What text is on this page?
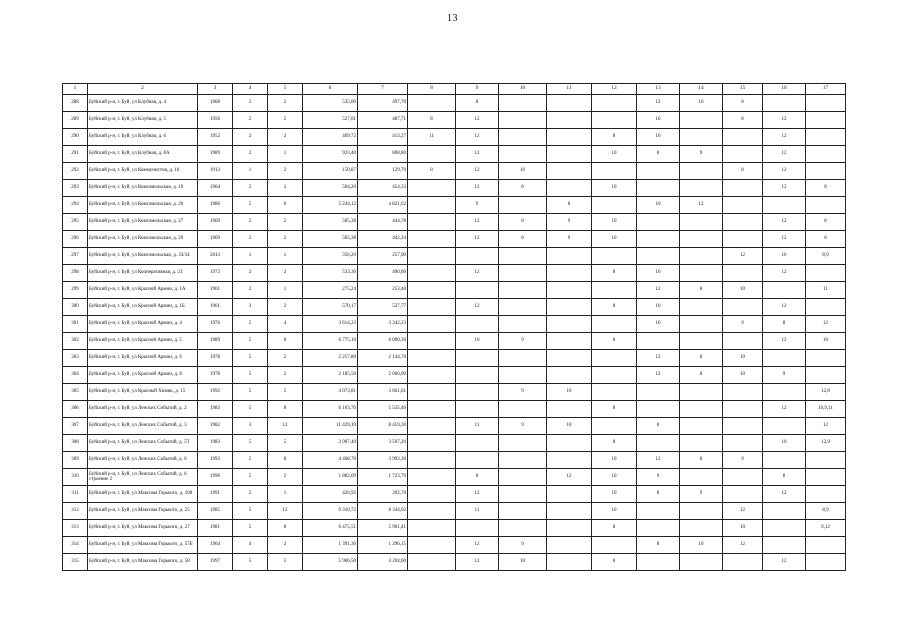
13
1	2	3	4	5	6	7	8	9	10	11	12	13	14	15	16	17
288	Буйский р-н, г. Буй, ул Клубная, д. 4	1968	2	2	535,00	497,70		8				12	10	8		
289	Буйский р-н, г. Буй, ул Клубная, д. 5	1956	2	2	527,01	487,71	8	12				10		8	12	
290	Буйский р-н, г. Буй, ул Клубная, д. 6	1952	2	2	469,72	413,27	11	12			8	10			12	
291	Буйский р-н, г. Буй, ул Клубная, д. 8А	1989	2	1	923,40	808,80		12			10	8	9		12	
292	Буйский р-н, г. Буй, ул Коммунистов, д. 10	1913	1	2	150,87	129,70	8	12	10					8	12	
293	Буйский р-н, г. Буй, ул Комсомольская, д. 19	1964	2	2	504,20	454,33		12	8		10				12	8
294	Буйский р-н, г. Буй, ул Комсомольская, д. 26	1986	5	6	5 244,12	4 821,62		9		8		10	12			
295	Буйский р-н, г. Буй, ул Комсомольская, д. 27	1969	2	2	505,38	444,78		12	8	9	10				12	8
296	Буйский р-н, г. Буй, ул Комсомольская, д. 29	1969	2	2	505,38	442,34		12	8	9	10				12	8
297	Буйский р-н, г. Буй, ул Комсомольская, д. 33/34	2013	1	1	356,20	257,90								12	10	8,9
298	Буйский р-н, г. Буй, ул Кооперативная, д. 23	1972	2	2	533,30	490,00		12			8	10			12	
299	Буйский р-н, г. Буй, ул Красной Армии, д. 1А	1961	2	1	275,24	253,48						12	8	10		11
300	Буйский р-н, г. Буй, ул Красной Армии, д. 1Б	1961	3	2	570,17	527,77		12			8	10			12	
301	Буйский р-н, г. Буй, ул Красной Армии, д. 4	1976	5	4	3 614,23	3 342,23						10		9	8	12
302	Буйский р-н, г. Буй, ул Красной Армии, д. 5	1989	5	8	6 775,10	6 090,30		10	9		8				12	10
303	Буйский р-н, г. Буй, ул Красной Армии, д. 6	1978	5	2	2 257,80	2 144,70						12	8	10		
304	Буйский р-н, г. Буй, ул Красной Армии, д. 8	1978	5	2	2 185,50	2 066,00						12	8	10	9	
305	Буйский р-н, г. Буй, ул Красный Химик, д. 15	1992	5	5	4 073,81	3 661,61			9	10						12,8
306	Буйский р-н, г. Буй, ул Ленских Событий, д. 2	1983	5	8	6 163,70	5 535,40					8				12	10,9,11
307	Буйский р-н, г. Буй, ул Ленских Событий, д. 3	1982	3	12	11 429,10	8 459,30		11	9	10		8				12
308	Буйский р-н, г. Буй, ул Ленских Событий, д. 5Т	1983	5	5	3 907,40	3 507,20					8				10	12,9
309	Буйский р-н, г. Буй, ул Ленских Событий, д. 6	1993	5	8	4 468,70	3 993,30					10	12	8	9		
310	Буйский р-н, г. Буй, ул Ленских Событий, д. 6 строение 2	1996	5	2	1 882,69	1 723,79		8		12	10	9			8	
311	Буйский р-н, г. Буй, ул Максима Горького, д. 108	1991	2	1	426,92	392,70		12			10	8	9		12	
312	Буйский р-н, г. Буй, ул Максима Горького, д. 25	1985	5	12	9 310,72	8 344,02		11			10			12		8,9
313	Буйский р-н, г. Буй, ул Максима Горького, д. 27	1981	5	8	6 475,51	5 961,41					8			10		9,12
314	Буйский р-н, г. Буй, ул Максима Горького, д. 57Б	1964	4	2	1 391,30	1 296,15		12	9			8	10	12		
315	Буйский р-н, г. Буй, ул Максима Горького, д. 58	1997	5	5	5 966,50	4 204,00		12	10		8				12	
